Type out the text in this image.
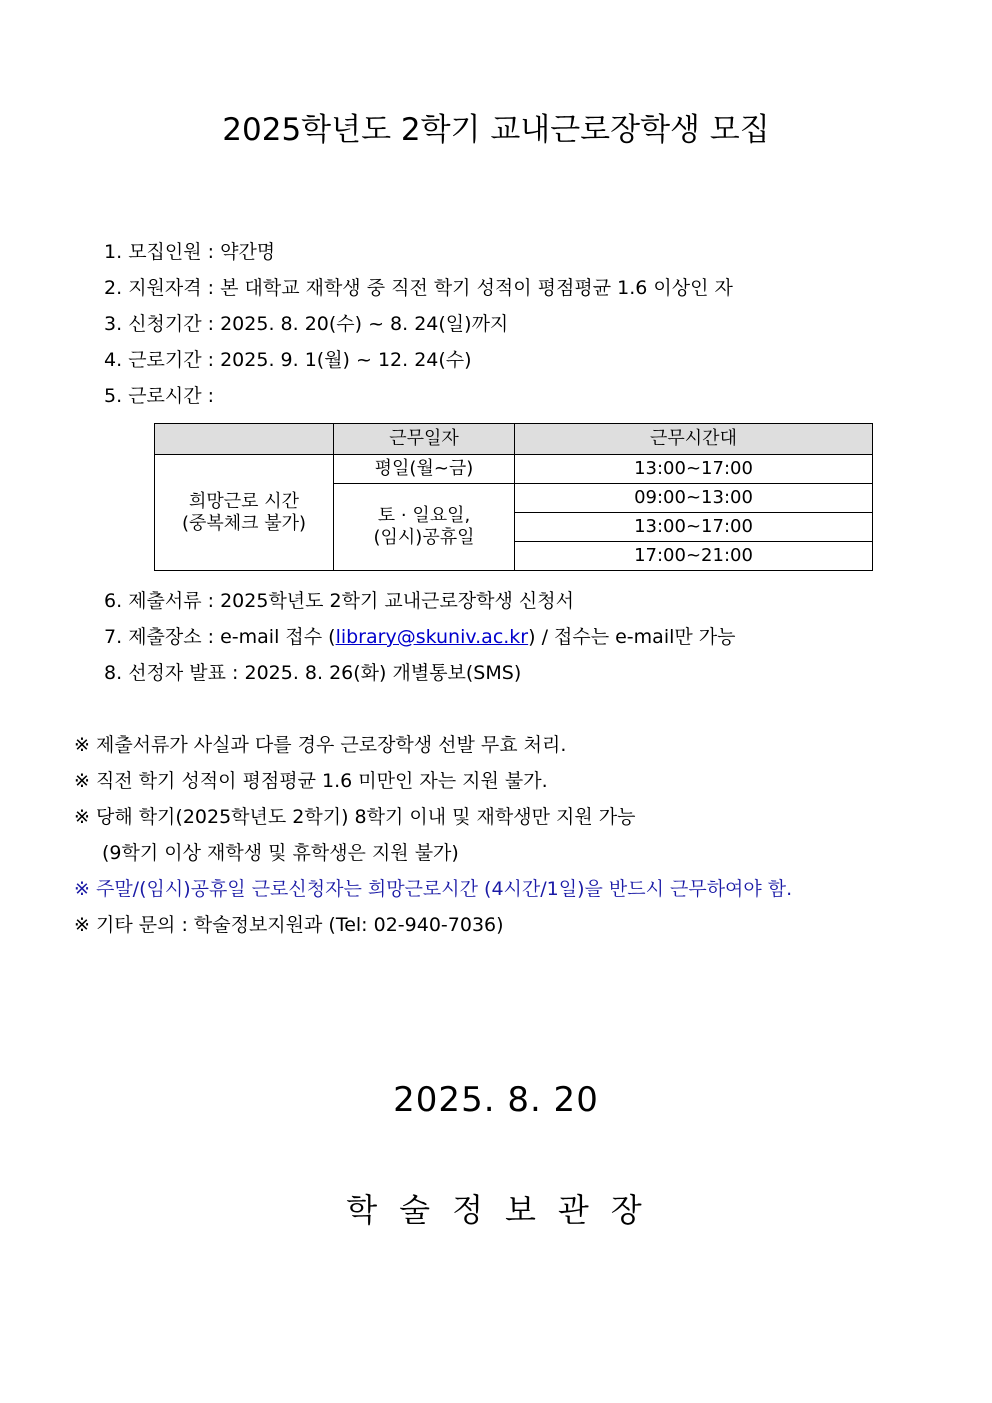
2025학년도 2학기 교내근로장학생 모집
1. 모집인원 : 약간명
2. 지원자격 : 본 대학교 재학생 중 직전 학기 성적이 평점평균 1.6 이상인 자
3. 신청기간 : 2025. 8. 20(수) ~ 8. 24(일)까지
4. 근로기간 : 2025. 9. 1(월) ~ 12. 24(수)
5. 근로시간 :
	근무일자	근무시간대

희망근로 시간
(중복체크 불가)	평일(월~금)	13:00~17:00

	토 · 일요일,
(임시)공휴일	09:00~13:00
		13:00~17:00
		17:00~21:00
6. 제출서류 : 2025학년도 2학기 교내근로장학생 신청서
7. 제출장소 : e-mail 접수 (library@skuniv.ac.kr) / 접수는 e-mail만 가능
8. 선정자 발표 : 2025. 8. 26(화) 개별통보(SMS)
※ 제출서류가 사실과 다를 경우 근로장학생 선발 무효 처리.
※ 직전 학기 성적이 평점평균 1.6 미만인 자는 지원 불가.
※ 당해 학기(2025학년도 2학기) 8학기 이내 및 재학생만 지원 가능
(9학기 이상 재학생 및 휴학생은 지원 불가)
※ 주말/(임시)공휴일 근로신청자는 희망근로시간 (4시간/1일)을 반드시 근무하여야 함.
※ 기타 문의 : 학술정보지원과 (Tel: 02-940-7036)
2025. 8. 20
학술정보관장
